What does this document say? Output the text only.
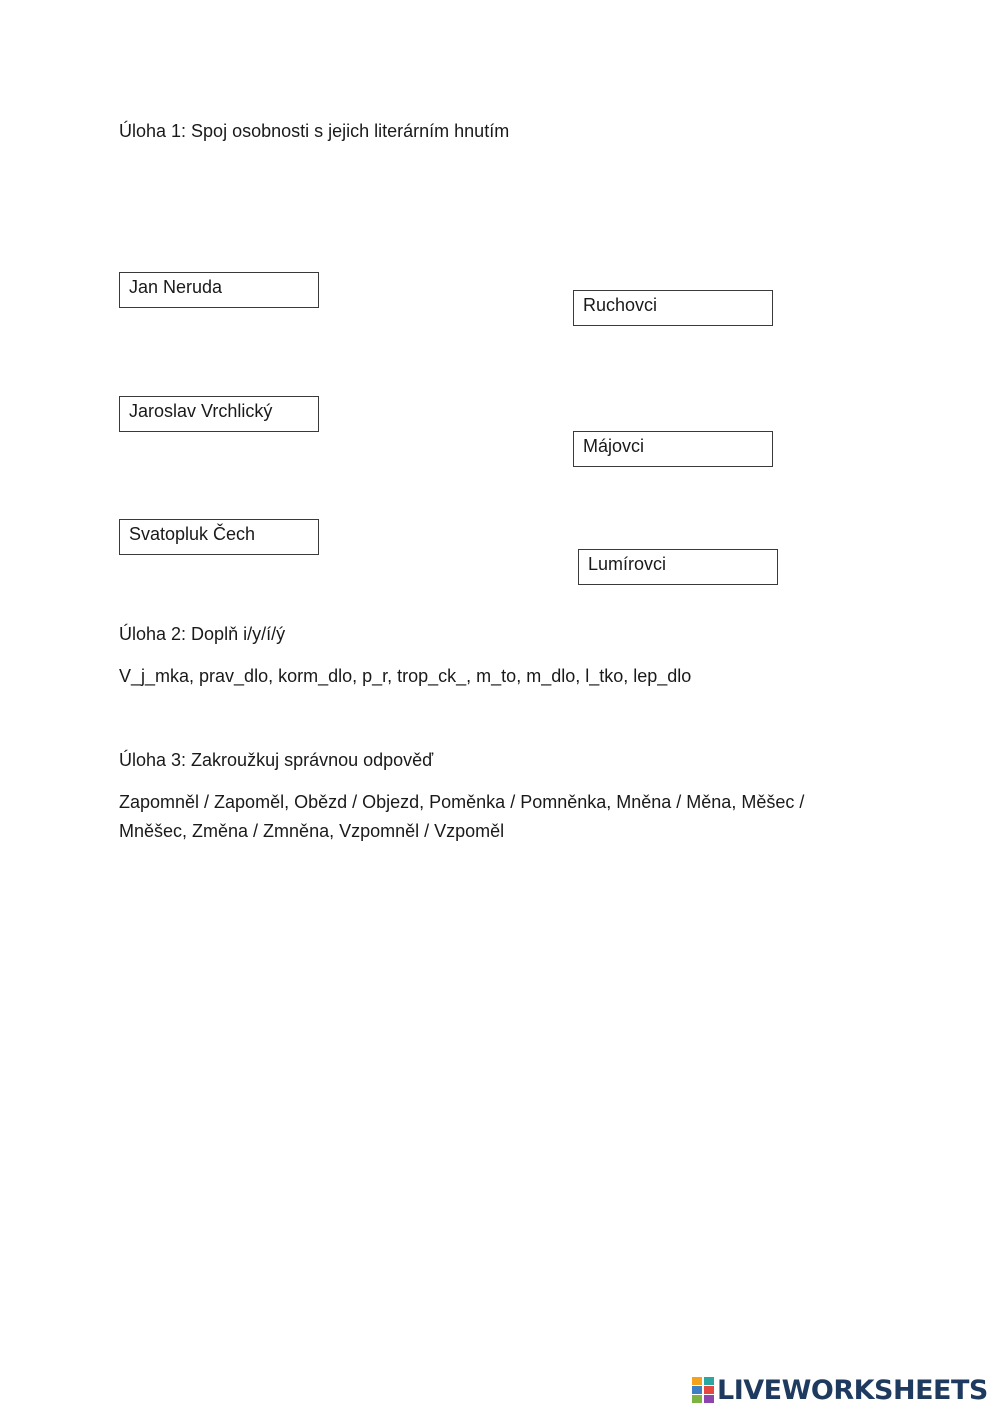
Úloha 1: Spoj osobnosti s jejich literárním hnutím
Jan Neruda
Jaroslav Vrchlický
Svatopluk Čech
Ruchovci
Májovci
Lumírovci
Úloha 2: Doplň i/y/í/ý
V_j_mka, prav_dlo, korm_dlo, p_r, trop_ck_, m_to, m_dlo, l_tko, lep_dlo
Úloha 3: Zakroužkuj správnou odpověď
Zapomněl / Zapoměl, Obězd / Objezd, Poměnka / Pomněnka, Mněna / Měna, Měšec / Mněšec, Změna / Zmněna, Vzpomněl / Vzpoměl
LIVEWORKSHEETS
